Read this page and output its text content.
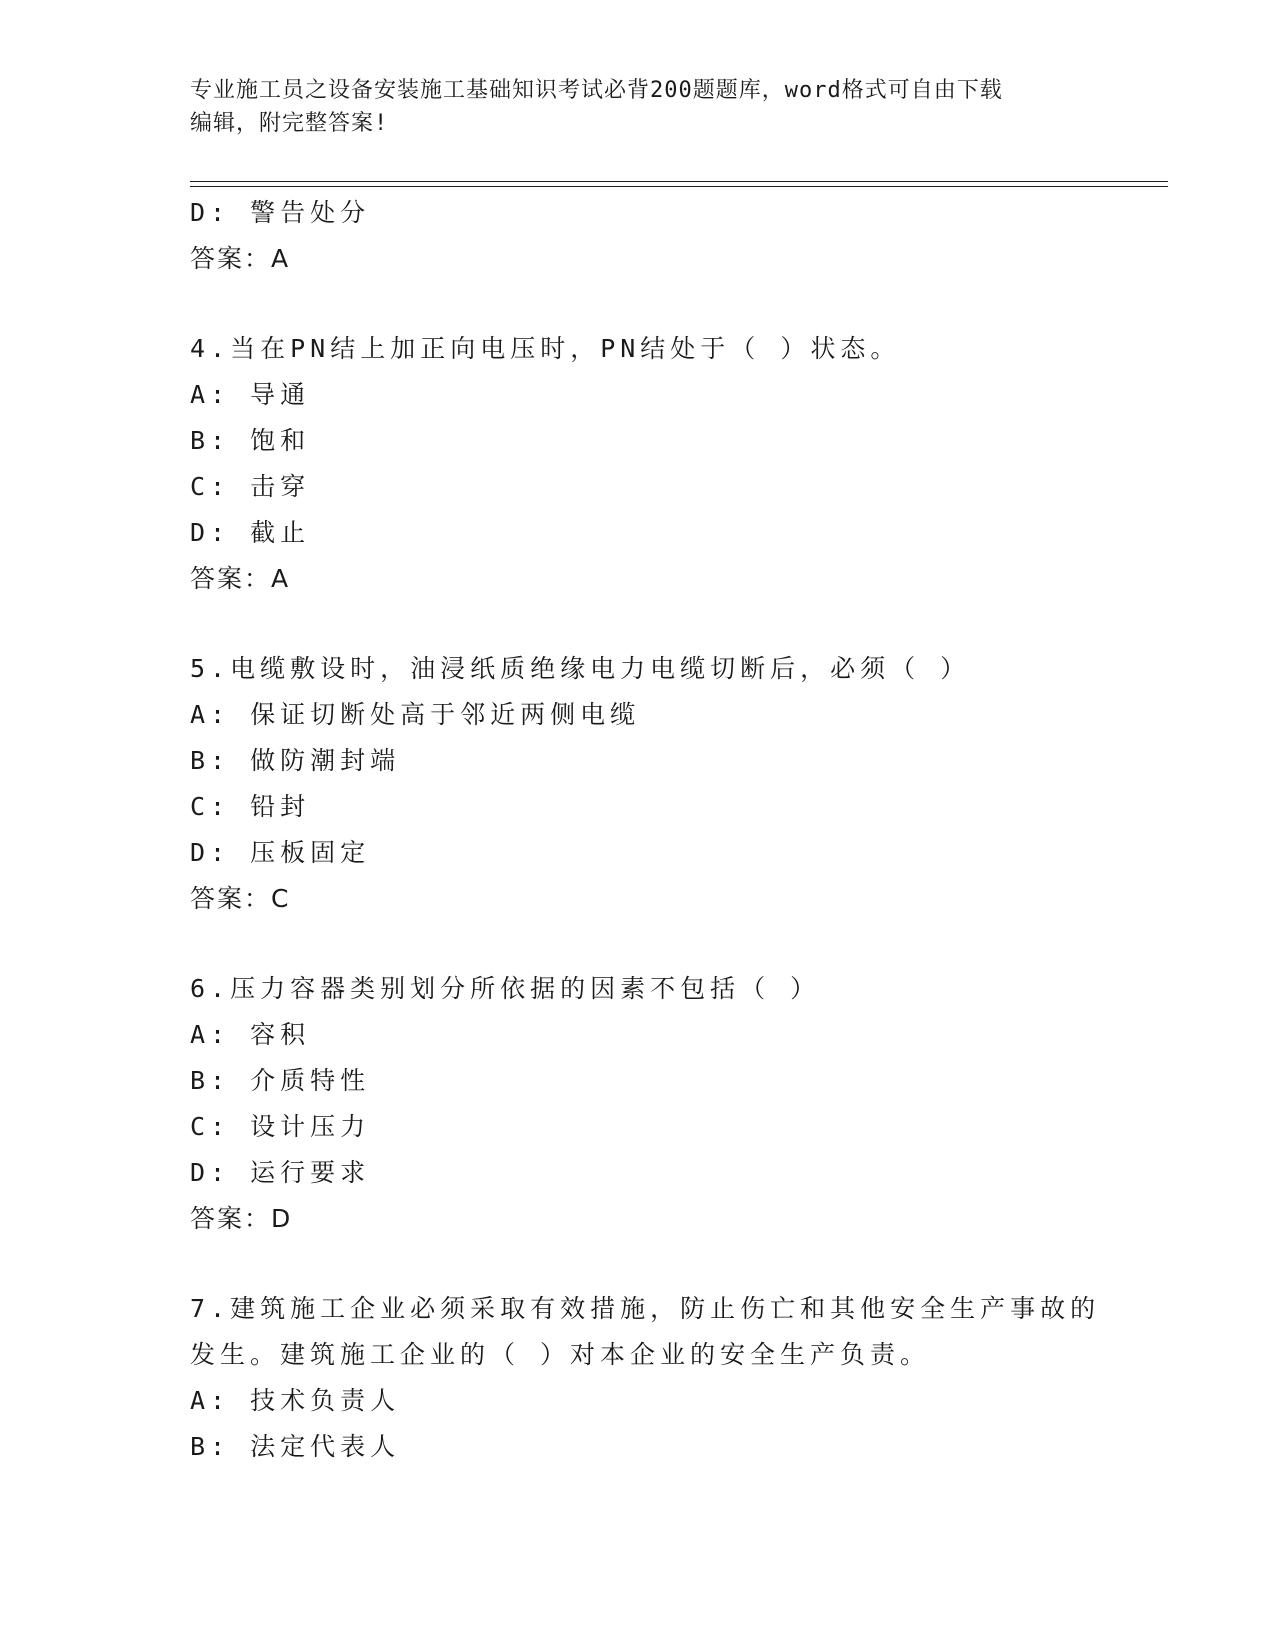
专业施工员之设备安装施工基础知识考试必背200题题库，word格式可自由下载
编辑，附完整答案!
D: 警告处分
答案：A
4.当在PN结上加正向电压时，PN结处于（ ）状态。
A: 导通
B: 饱和
C: 击穿
D: 截止
答案：A
5.电缆敷设时，油浸纸质绝缘电力电缆切断后，必须（ ）
A: 保证切断处高于邻近两侧电缆
B: 做防潮封端
C: 铅封
D: 压板固定
答案：C
6.压力容器类别划分所依据的因素不包括（ ）
A: 容积
B: 介质特性
C: 设计压力
D: 运行要求
答案：D
7.建筑施工企业必须采取有效措施，防止伤亡和其他安全生产事故的
发生。建筑施工企业的（ ）对本企业的安全生产负责。
A: 技术负责人
B: 法定代表人
